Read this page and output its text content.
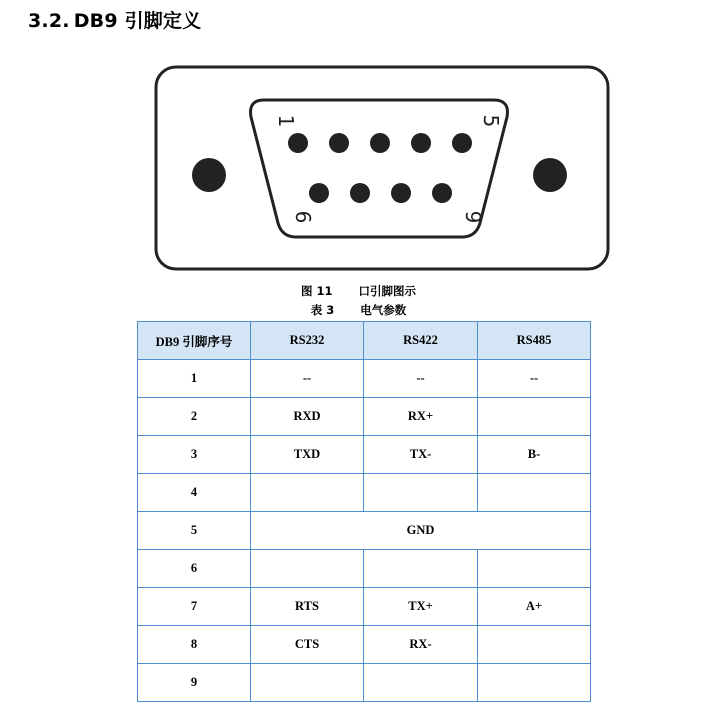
3.2. DB9 引脚定义
1	5
6	9
图 11 口引脚图示
表 3 电气参数
DB9 引脚序号	RS232	RS422	RS485
1	--	--	--
2	RXD	RX+	
3	TXD	TX-	B-
4			
5	GND		
6			
7	RTS	TX+	A+
8	CTS	RX-	
9			
